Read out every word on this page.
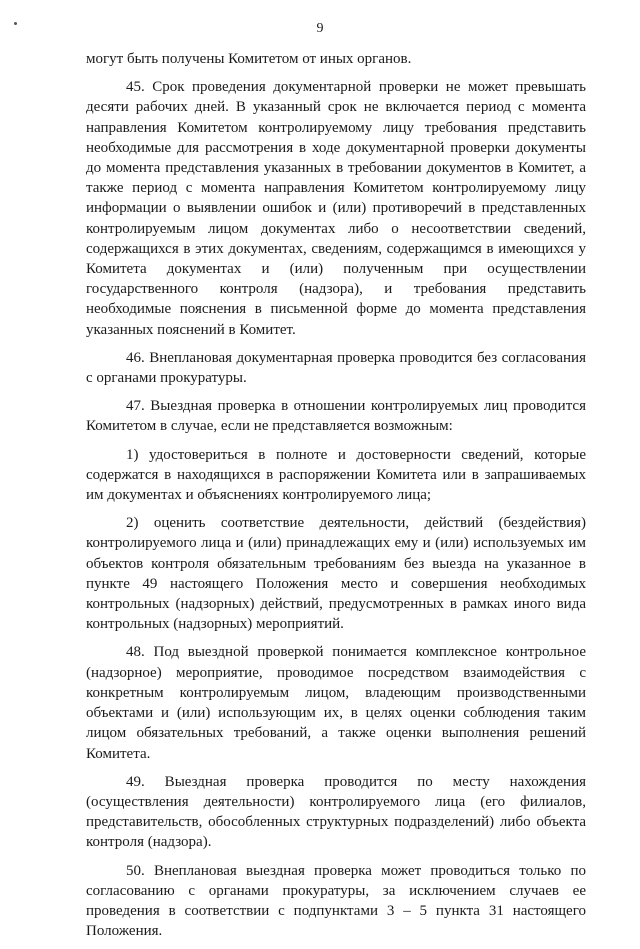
9

могут быть получены Комитетом от иных органов.

45. Срок проведения документарной проверки не может превышать десяти рабочих дней. В указанный срок не включается период с момента направления Комитетом контролируемому лицу требования представить необходимые для рассмотрения в ходе документарной проверки документы до момента представления указанных в требовании документов в Комитет, а также период с момента направления Комитетом контролируемому лицу информации о выявлении ошибок и (или) противоречий в представленных контролируемым лицом документах либо о несоответствии сведений, содержащихся в этих документах, сведениям, содержащимся в имеющихся у Комитета документах и (или) полученным при осуществлении государственного контроля (надзора), и требования представить необходимые пояснения в письменной форме до момента представления указанных пояснений в Комитет.

46. Внеплановая документарная проверка проводится без согласования с органами прокуратуры.

47. Выездная проверка в отношении контролируемых лиц проводится Комитетом в случае, если не представляется возможным:

1) удостовериться в полноте и достоверности сведений, которые содержатся в находящихся в распоряжении Комитета или в запрашиваемых им документах и объяснениях контролируемого лица;

2) оценить соответствие деятельности, действий (бездействия) контролируемого лица и (или) принадлежащих ему и (или) используемых им объектов контроля обязательным требованиям без выезда на указанное в пункте 49 настоящего Положения место и совершения необходимых контрольных (надзорных) действий, предусмотренных в рамках иного вида контрольных (надзорных) мероприятий.

48. Под выездной проверкой понимается комплексное контрольное (надзорное) мероприятие, проводимое посредством взаимодействия с конкретным контролируемым лицом, владеющим производственными объектами и (или) использующим их, в целях оценки соблюдения таким лицом обязательных требований, а также оценки выполнения решений Комитета.

49. Выездная проверка проводится по месту нахождения (осуществления деятельности) контролируемого лица (его филиалов, представительств, обособленных структурных подразделений) либо объекта контроля (надзора).

50. Внеплановая выездная проверка может проводиться только по согласованию с органами прокуратуры, за исключением случаев ее проведения в соответствии с подпунктами 3 – 5 пункта 31 настоящего Положения.
